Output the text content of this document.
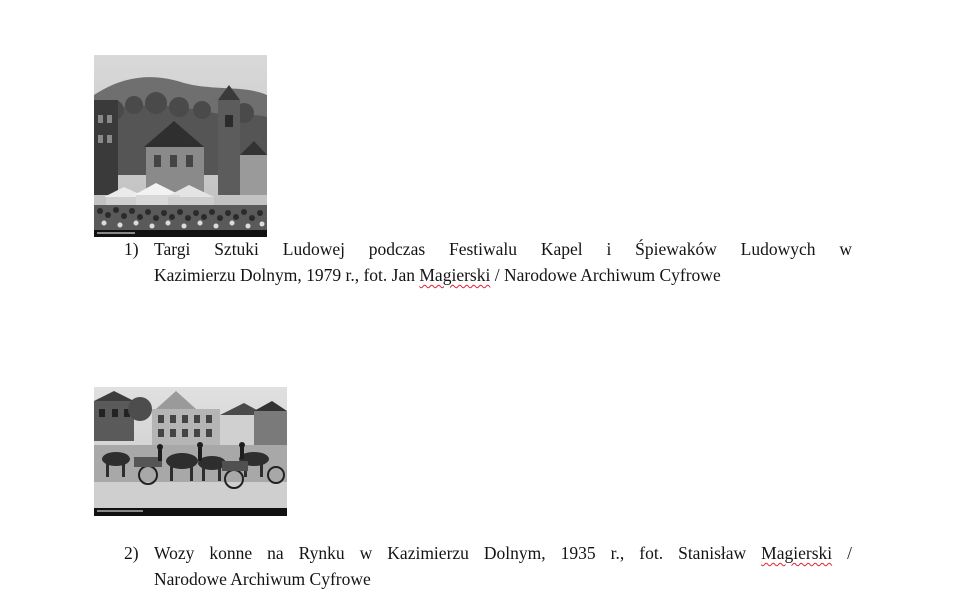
1) Targi Sztuki Ludowej podczas Festiwalu Kapel i Śpiewaków Ludowych w
Kazimierzu Dolnym, 1979 r., fot. Jan Magierski / Narodowe Archiwum Cyfrowe
2) Wozy konne na Rynku w Kazimierzu Dolnym, 1935 r., fot. Stanisław Magierski /
Narodowe Archiwum Cyfrowe
